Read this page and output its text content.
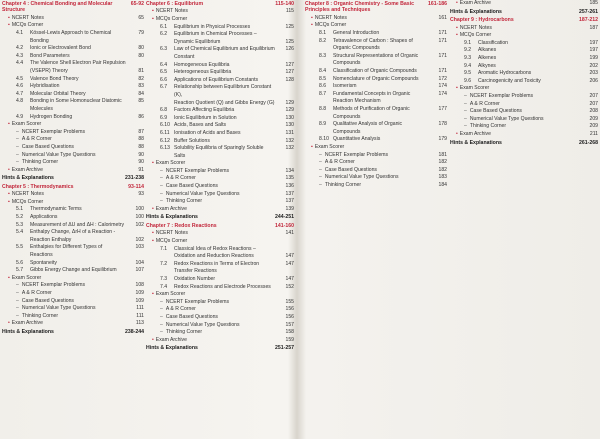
Chapter 4 : Chemical Bonding and Molecular Structure
65-92
▪ NCERT Notes	65
▪ MCQs Corner
4.1	Kössel-Lewis Approach to Chemical Bonding
79
4.2	Ionic or Electrovalent Bond	80
4.3	Bond Parameters	80
4.4	The Valence Shell Electron Pair Repulsion
(VSEPR) Theory	81
4.5	Valence Bond Theory	82
4.6	Hybridisation	83
4.7	Molecular Orbital Theory	84
4.8	Bonding in Some Homonuclear Diatomic Molecules
85
4.9	Hydrogen Bonding	86
▪ Exam Scorer
– NCERT Exemplar Problems	87
– A & R Corner	88
– Case Based Questions	88
– Numerical Value Type Questions	90
– Thinking Corner	90
• Exam Archive	91
Hints & Explanations	231-238
Chapter 5 : Thermodynamics	93-114
▪ NCERT Notes	93
▪ MCQs Corner
5.1	Thermodynamic Terms	100
5.2	Applications	100
5.3	Measurement of ΔU and ΔH : Calorimetry	102
5.4	Enthalpy Change, ΔrH of a Reaction -
Reaction Enthalpy	102
5.5	Enthalpies for Different Types of Reactions
103
5.6	Spontaneity	104
5.7	Gibbs Energy Change and Equilibrium	107
▪ Exam Scorer
– NCERT Exemplar Problems	108
– A & R Corner	109
– Case Based Questions	109
– Numerical Value Type Questions	111
– Thinking Corner	111
• Exam Archive	113
Hints & Explanations	238-244
Chapter 6 : Equilibrium	115-140
▪ NCERT Notes	115
▪ MCQs Corner
6.1	Equilibrium in Physical Processes	125
6.2	Equilibrium in Chemical Processes –
Dynamic Equilibrium	125
6.3	Law of Chemical Equilibrium and Equilibrium Constant
126
6.4	Homogeneous Equilibria	127
6.5	Heterogeneous Equilibria	127
6.6	Applications of Equilibrium Constants	128
6.7	Relationship between Equilibrium Constant (K),
Reaction Quotient (Q) and Gibbs Energy (G)	129
6.8	Factors Affecting Equilibria	129
6.9	Ionic Equilibrium in Solution	130
6.10 Acids, Bases and Salts	130
6.11 Ionisation of Acids and Bases	131
6.12 Buffer Solutions	132
6.13 Solubility Equilibria of Sparingly Soluble Salts
132
▪ Exam Scorer
– NCERT Exemplar Problems	134
– A & R Corner	135
– Case Based Questions	136
– Numerical Value Type Questions	137
– Thinking Corner	137
• Exam Archive	139
Hints & Explanations	244-251
Chapter 7 : Redox Reactions	141-160
▪ NCERT Notes	141
▪ MCQs Corner
7.1	Classical Idea of Redox Reactions –
Oxidation and Reduction Reactions	147
7.2	Redox Reactions in Terms of Electron Transfer Reactions
147
7.3	Oxidation Number	147
7.4	Redox Reactions and Electrode Processes	152
▪ Exam Scorer
– NCERT Exemplar Problems	155
– A & R Corner	156
– Case Based Questions	156
– Numerical Value Type Questions	157
– Thinking Corner	158
• Exam Archive	159
Hints & Explanations	251-257
Chapter 8 : Organic Chemistry - Some Basic Principles and Techniques
161-186
▪ NCERT Notes	161
▪ MCQs Corner
8.1	General Introduction	171
8.2	Tetravalence of Carbon : Shapes of Organic Compounds
171
8.3	Structural Representations of Organic Compounds
171
8.4	Classification of Organic Compounds	171
8.5	Nomenclature of Organic Compounds	172
8.6	Isomerism	174
8.7	Fundamental Concepts in Organic Reaction Mechanism
174
8.8	Methods of Purification of Organic Compounds
177
8.9	Qualitative Analysis of Organic Compounds
178
8.10 Quantitative Analysis	179
▪ Exam Scorer
– NCERT Exemplar Problems	181
– A & R Corner	182
– Case Based Questions	182
– Numerical Value Type Questions	183
– Thinking Corner	184
• Exam Archive	185
Hints & Explanations	257-261
Chapter 9 : Hydrocarbons	187-212
▪ NCERT Notes	187
▪ MCQs Corner
9.1	Classification	197
9.2	Alkanes	197
9.3	Alkenes	199
9.4	Alkynes	202
9.5	Aromatic Hydrocarbons	203
9.6	Carcinogenicity and Toxicity	206
▪ Exam Scorer
– NCERT Exemplar Problems	207
– A & R Corner	207
– Case Based Questions	208
– Numerical Value Type Questions	209
– Thinking Corner	209
• Exam Archive	211
Hints & Explanations	261-268
